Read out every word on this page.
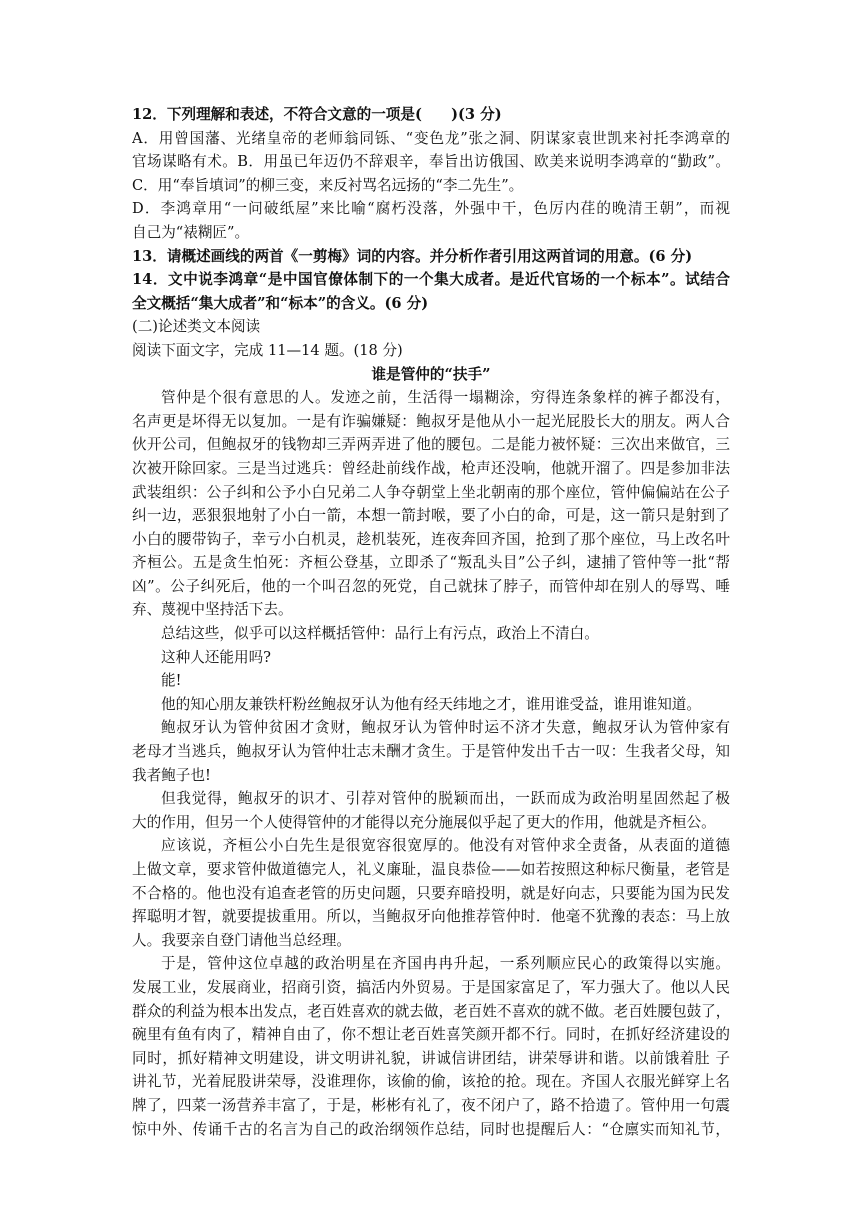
12．下列理解和表述，不符合文意的一项是(　　)(3 分)
A．用曾国藩、光绪皇帝的老师翁同铄、“变色龙”张之洞、阴谋家袁世凯来衬托李鸿章的
官场谋略有术。B．用虽已年迈仍不辞艰辛，奉旨出访俄国、欧美来说明李鸿章的“勤政”。
C．用“奉旨填词”的柳三变，来反衬骂名远扬的“李二先生”。
D．李鸿章用“一问破纸屋”来比喻“腐朽没落，外强中干，色厉内荏的晚清王朝”，而视
自己为“裱糊匠”。
13．请概述画线的两首《一剪梅》词的内容。并分析作者引用这两首词的用意。(6 分)
14．文中说李鸿章“是中国官僚体制下的一个集大成者。是近代官场的一个标本”。试结合
全文概括“集大成者”和“标本”的含义。(6 分)
(二)论述类文本阅读
阅读下面文字，完成 11—14 题。(18 分)
谁是管仲的“扶手”
管仲是个很有意思的人。发迹之前，生活得一塌糊涂，穷得连条象样的裤子都没有，
名声更是坏得无以复加。一是有诈骗嫌疑：鲍叔牙是他从小一起光屁股长大的朋友。两人合
伙开公司，但鲍叔牙的钱物却三弄两弄进了他的腰包。二是能力被怀疑：三次出来做官，三
次被开除回家。三是当过逃兵：曾经赴前线作战，枪声还没响，他就开溜了。四是参加非法
武装组织：公子纠和公予小白兄弟二人争夺朝堂上坐北朝南的那个座位，管仲偏偏站在公子
纠一边，恶狠狠地射了小白一箭，本想一箭封喉，要了小白的命，可是，这一箭只是射到了
小白的腰带钩子，幸亏小白机灵，趁机装死，连夜奔回齐国，抢到了那个座位，马上改名叶
齐桓公。五是贪生怕死：齐桓公登基，立即杀了“叛乱头目”公子纠，逮捕了管仲等一批“帮
凶”。公子纠死后，他的一个叫召忽的死党，自己就抹了脖子，而管仲却在别人的辱骂、唾
弃、蔑视中坚持活下去。
总结这些，似乎可以这样概括管仲：品行上有污点，政治上不清白。
这种人还能用吗?
能!
他的知心朋友兼铁杆粉丝鲍叔牙认为他有经天纬地之才，谁用谁受益，谁用谁知道。
鲍叔牙认为管仲贫困才贪财，鲍叔牙认为管仲时运不济才失意，鲍叔牙认为管仲家有
老母才当逃兵，鲍叔牙认为管仲壮志未酬才贪生。于是管仲发出千古一叹：生我者父母，知
我者鲍子也!
但我觉得，鲍叔牙的识才、引荐对管仲的脱颖而出，一跃而成为政治明星固然起了极
大的作用，但另一个人使得管仲的才能得以充分施展似乎起了更大的作用，他就是齐桓公。
应该说，齐桓公小白先生是很宽容很宽厚的。他没有对管仲求全责备，从表面的道德
上做文章，要求管仲做道德完人，礼义廉耻，温良恭俭——如若按照这种标尺衡量，老管是
不合格的。他也没有追查老管的历史问题，只要弃暗投明，就是好向志，只要能为国为民发
挥聪明才智，就要提拔重用。所以，当鲍叔牙向他推荐管仲时．他毫不犹豫的表态：马上放
人。我要亲自登门请他当总经理。
于是，管仲这位卓越的政治明星在齐国冉冉升起，一系列顺应民心的政策得以实施。
发展工业，发展商业，招商引资，搞活内外贸易。于是国家富足了，军力强大了。他以人民
群众的利益为根本出发点，老百姓喜欢的就去做，老百姓不喜欢的就不做。老百姓腰包鼓了，
碗里有鱼有肉了，精神自由了，你不想让老百姓喜笑颜开都不行。同时，在抓好经济建设的
同时，抓好精神文明建设，讲文明讲礼貌，讲诚信讲团结，讲荣辱讲和谐。以前饿着肚 子
讲礼节，光着屁股讲荣辱，没谁理你，该偷的偷，该抢的抢。现在。齐国人衣服光鲜穿上名
牌了，四菜一汤营养丰富了，于是，彬彬有礼了，夜不闭户了，路不拾遗了。管仲用一句震
惊中外、传诵千古的名言为自己的政治纲领作总结，同时也提醒后人：“仓廪实而知礼节，
